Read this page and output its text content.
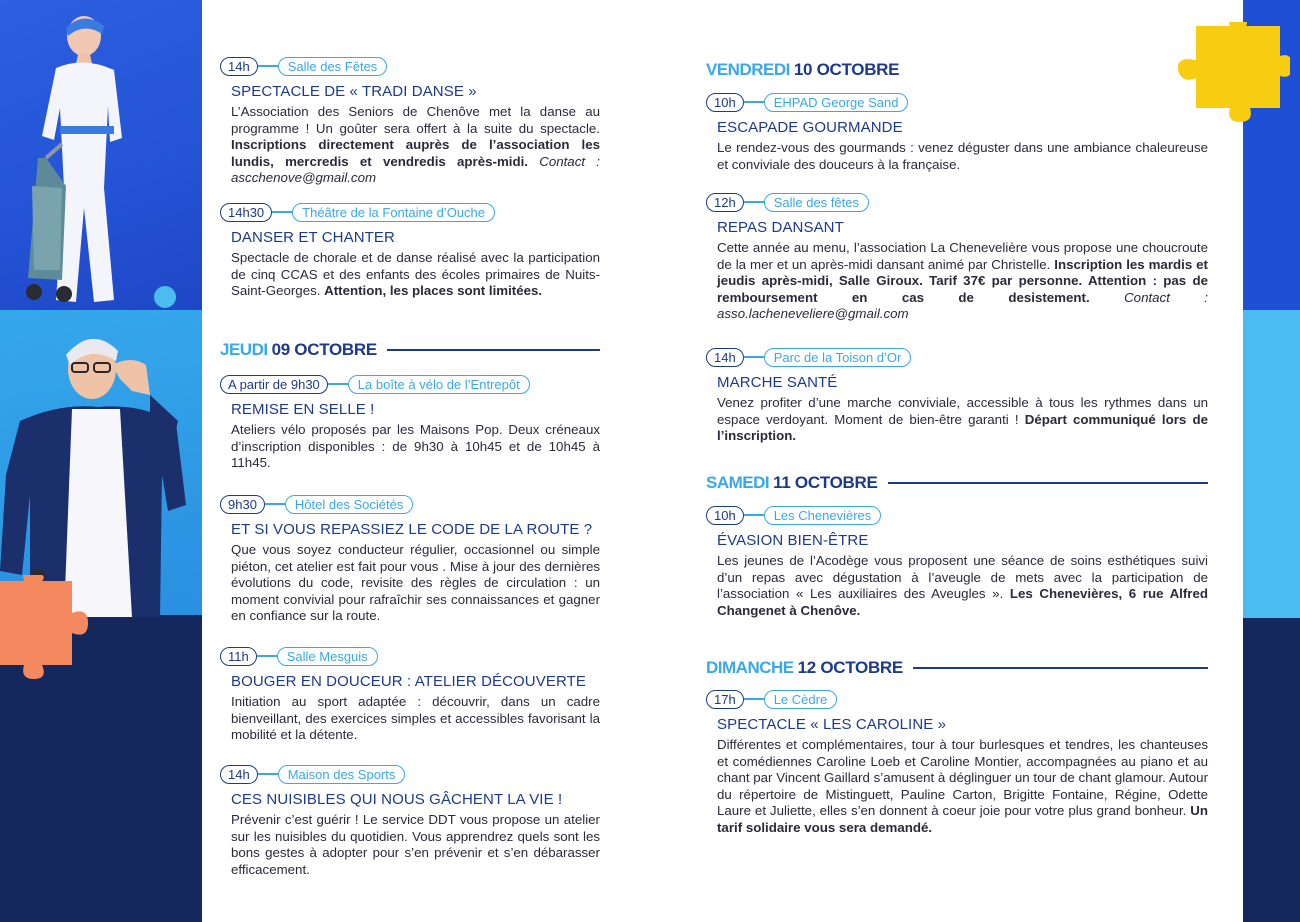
14h	Salle des Fêtes
SPECTACLE DE « TRADI DANSE »
L’Association des Seniors de Chenôve met la danse au programme ! Un goûter sera offert à la suite du spectacle. Inscriptions directement auprès de l’association les lundis, mercredis et vendredis après-midi. Contact : ascchenove@gmail.com
14h30	Théâtre de la Fontaine d’Ouche
DANSER ET CHANTER
Spectacle de chorale et de danse réalisé avec la participation de cinq CCAS et des enfants des écoles primaires de Nuits-Saint-Georges. Attention, les places sont limitées.
JEUDI 09 OCTOBRE
A partir de 9h30	La boîte à vélo de l’Entrepôt
REMISE EN SELLE !
Ateliers vélo proposés par les Maisons Pop. Deux créneaux d’inscription disponibles : de 9h30 à 10h45 et de 10h45 à 11h45.
9h30	Hôtel des Sociétés
ET SI VOUS REPASSIEZ LE CODE DE LA ROUTE ?
Que vous soyez conducteur régulier, occasionnel ou simple piéton, cet atelier est fait pour vous . Mise à jour des dernières évolutions du code, revisite des règles de circulation : un moment convivial pour rafraîchir ses connaissances et gagner en confiance sur la route.
11h	Salle Mesguis
BOUGER EN DOUCEUR : ATELIER DÉCOUVERTE
Initiation au sport adaptée : découvrir, dans un cadre bienveillant, des exercices simples et accessibles favorisant la mobilité et la détente.
14h	Maison des Sports
CES NUISIBLES QUI NOUS GÂCHENT LA VIE !
Prévenir c’est guérir ! Le service DDT vous propose un atelier sur les nuisibles du quotidien. Vous apprendrez quels sont les bons gestes à adopter pour s’en prévenir et s’en débarasser efficacement.
VENDREDI 10 OCTOBRE
10h	EHPAD George Sand
ESCAPADE GOURMANDE
Le rendez-vous des gourmands : venez déguster dans une ambiance chaleureuse et conviviale des douceurs à la française.
12h	Salle des fêtes
REPAS DANSANT
Cette année au menu, l’association La Chenevelière vous propose une choucroute de la mer et un après-midi dansant animé par Christelle. Inscription les mardis et jeudis après-midi, Salle Giroux. Tarif 37€ par personne. Attention : pas de remboursement en cas de desistement. Contact : asso.lacheneveliere@gmail.com
14h	Parc de la Toison d’Or
MARCHE SANTÉ
Venez profiter d’une marche conviviale, accessible à tous les rythmes dans un espace verdoyant. Moment de bien-être garanti ! Départ communiqué lors de l’inscription.
SAMEDI 11 OCTOBRE
10h	Les Chenevières
ÉVASION BIEN-ÊTRE
Les jeunes de l’Acodège vous proposent une séance de soins esthétiques suivi d’un repas avec dégustation à l’aveugle de mets avec la participation de l’association « Les auxiliaires des Aveugles ». Les Chenevières, 6 rue Alfred Changenet à Chenôve.
DIMANCHE 12 OCTOBRE
17h	Le Cèdre
SPECTACLE « LES CAROLINE »
Différentes et complémentaires, tour à tour burlesques et tendres, les chanteuses et comédiennes Caroline Loeb et Caroline Montier, accompagnées au piano et au chant par Vincent Gaillard s’amusent à déglinguer un tour de chant glamour. Autour du répertoire de Mistinguett, Pauline Carton, Brigitte Fontaine, Régine, Odette Laure et Juliette, elles s’en donnent à coeur joie pour votre plus grand bonheur. Un tarif solidaire vous sera demandé.
